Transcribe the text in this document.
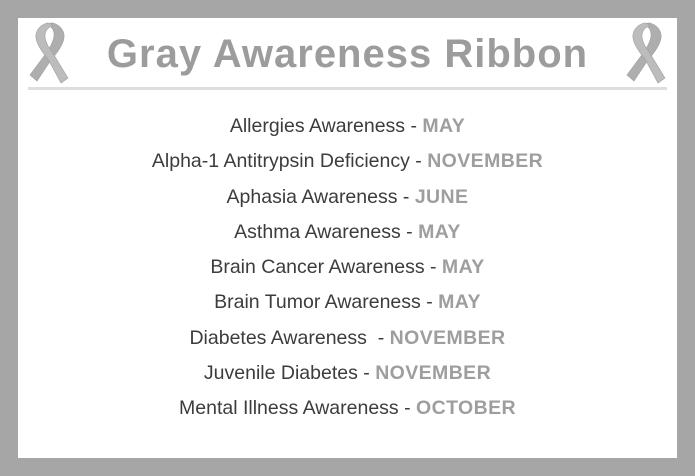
Gray Awareness Ribbon
Allergies Awareness - MAY
Alpha-1 Antitrypsin Deficiency - NOVEMBER
Aphasia Awareness - JUNE
Asthma Awareness - MAY
Brain Cancer Awareness - MAY
Brain Tumor Awareness - MAY
Diabetes Awareness  - NOVEMBER
Juvenile Diabetes - NOVEMBER
Mental Illness Awareness - OCTOBER
